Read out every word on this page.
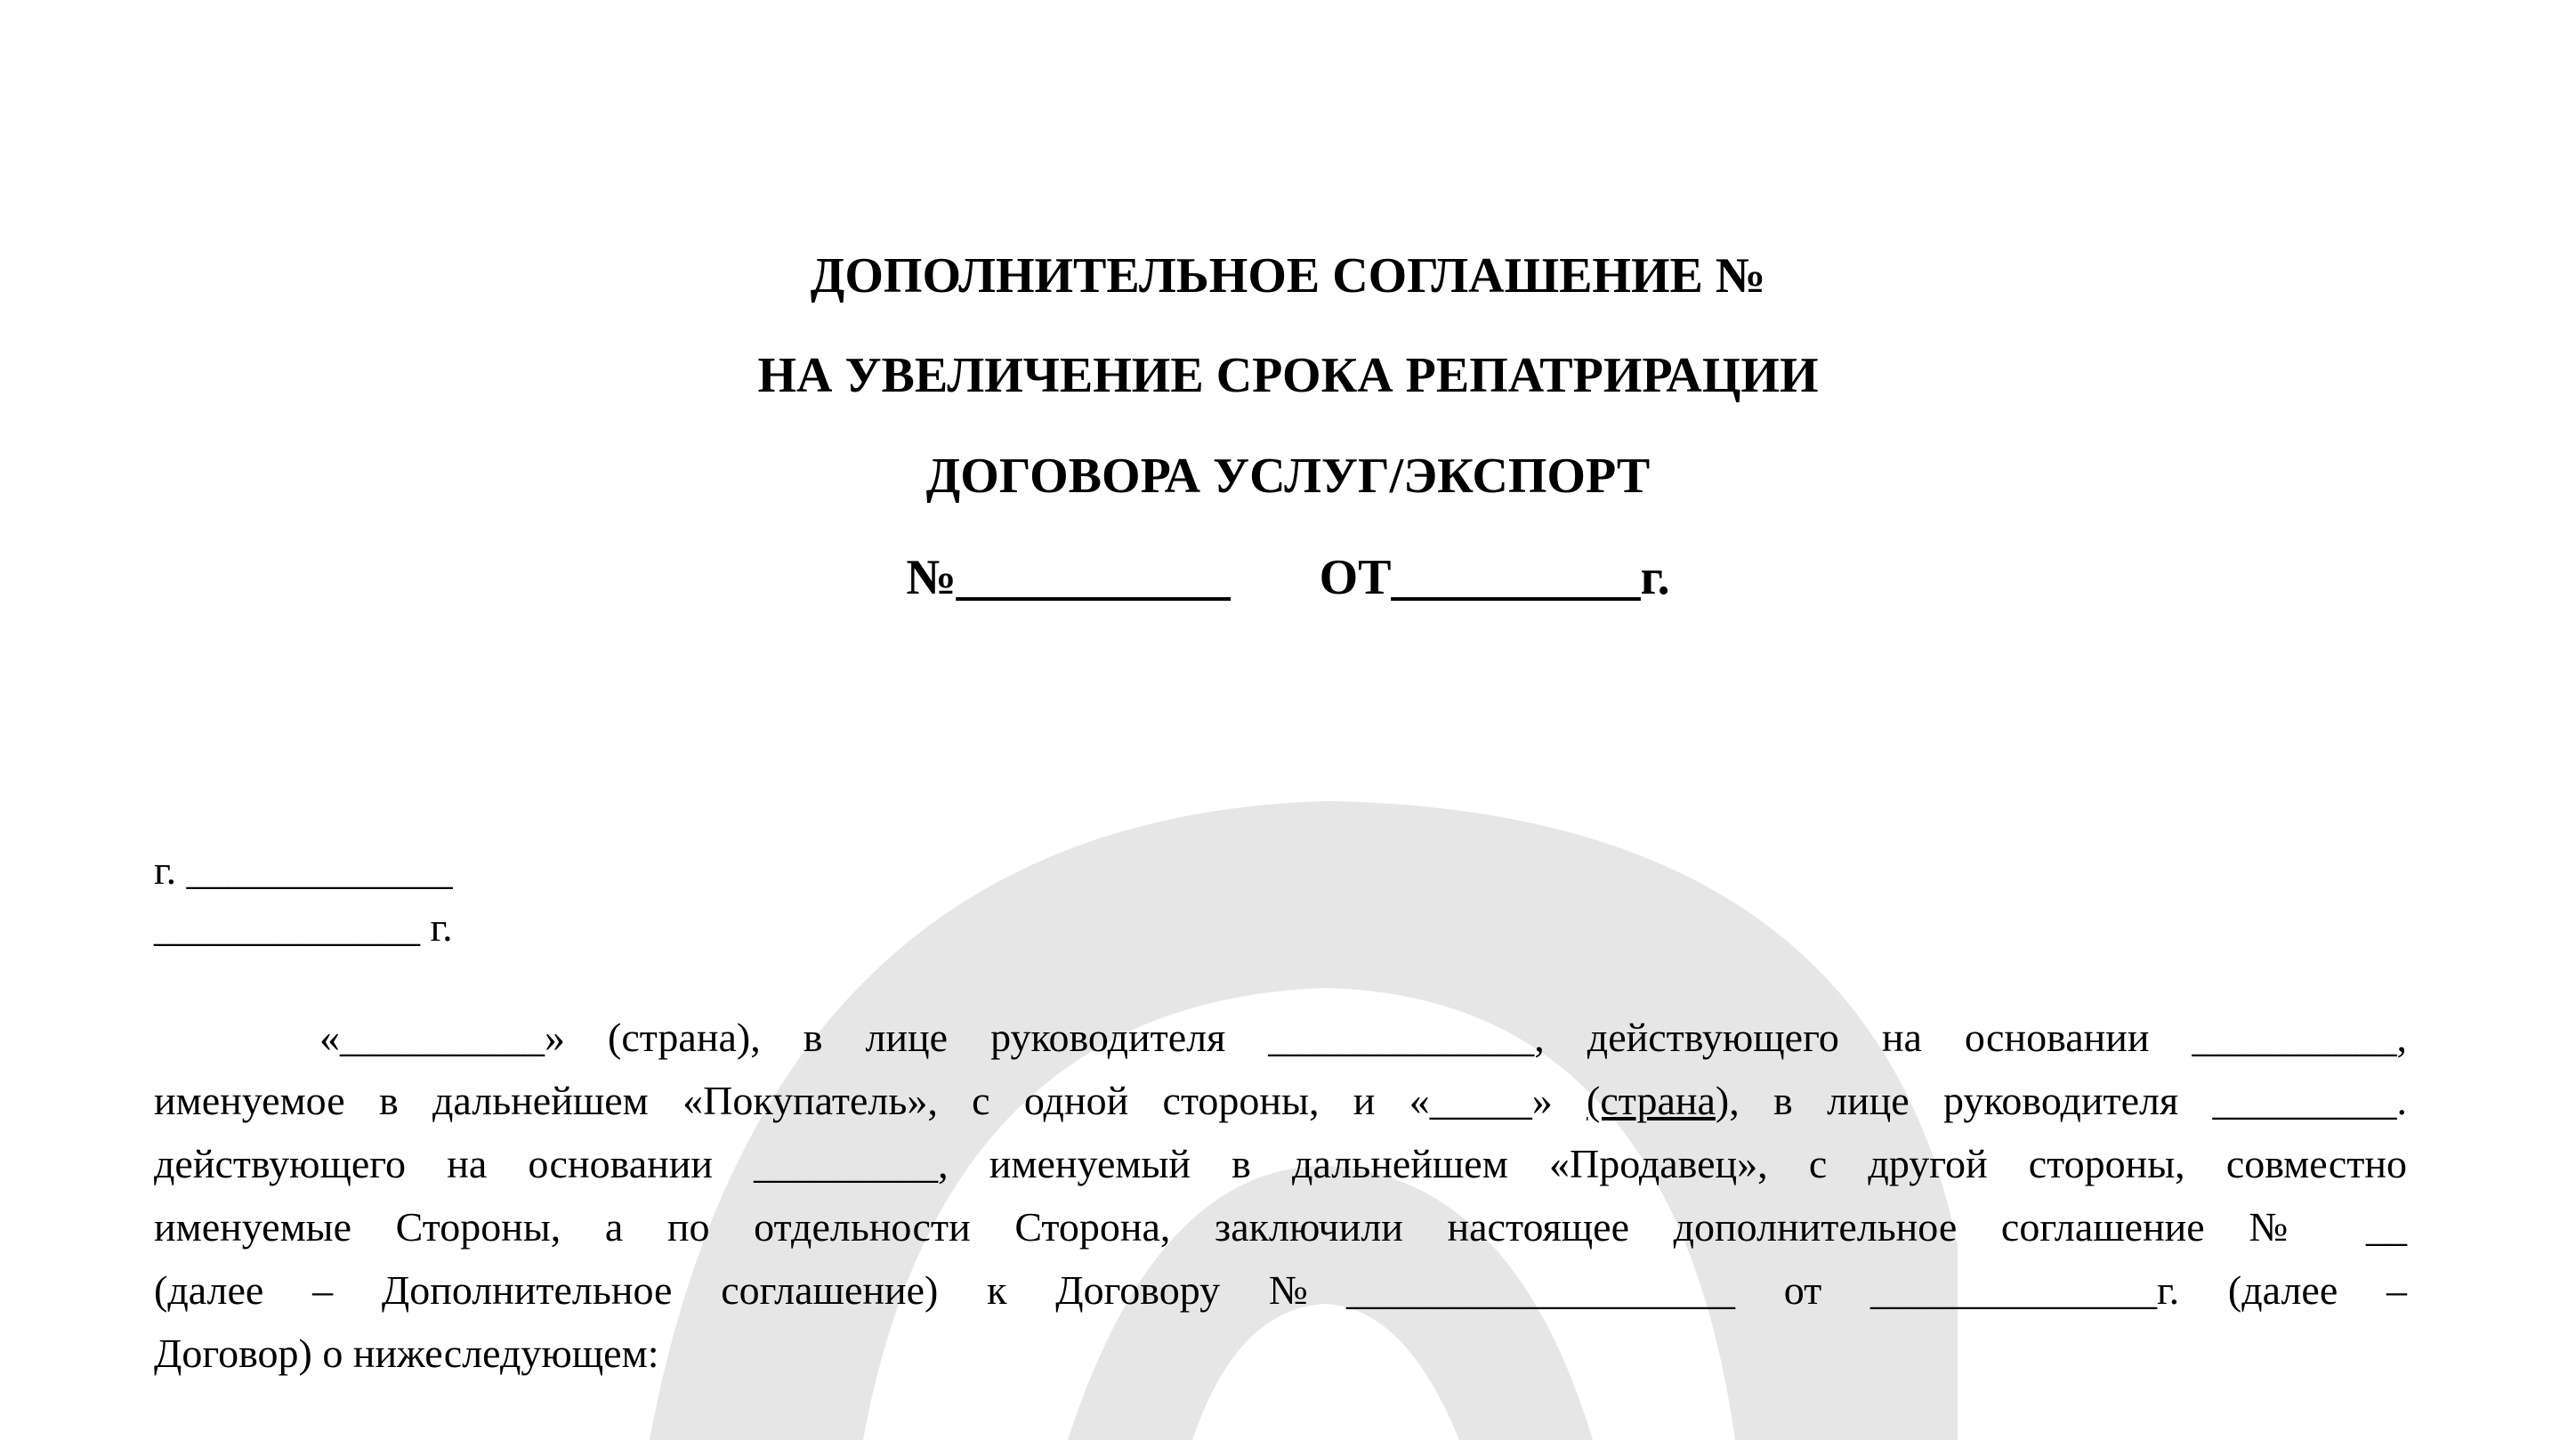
ДОПОЛНИТЕЛЬНОЕ СОГЛАШЕНИЕ №
НА УВЕЛИЧЕНИЕ СРОКА РЕПАТРИРАЦИИ
ДОГОВОРА УСЛУГ/ЭКСПОРТ
№___________ ОТ__________г.
г. _____________
_____________ г.
«__________» (страна), в лице руководителя _____________, действующего на основании __________,
именуемое в дальнейшем «Покупатель», с одной стороны, и «_____» (страна), в лице руководителя _________.
действующего на основании _________, именуемый в дальнейшем «Продавец», с другой стороны, совместно
именуемые Стороны, а по отдельности Сторона, заключили настоящее дополнительное соглашение № __
(далее – Дополнительное соглашение) к Договору №___________________ от ______________г. (далее –
Договор) о нижеследующем:
